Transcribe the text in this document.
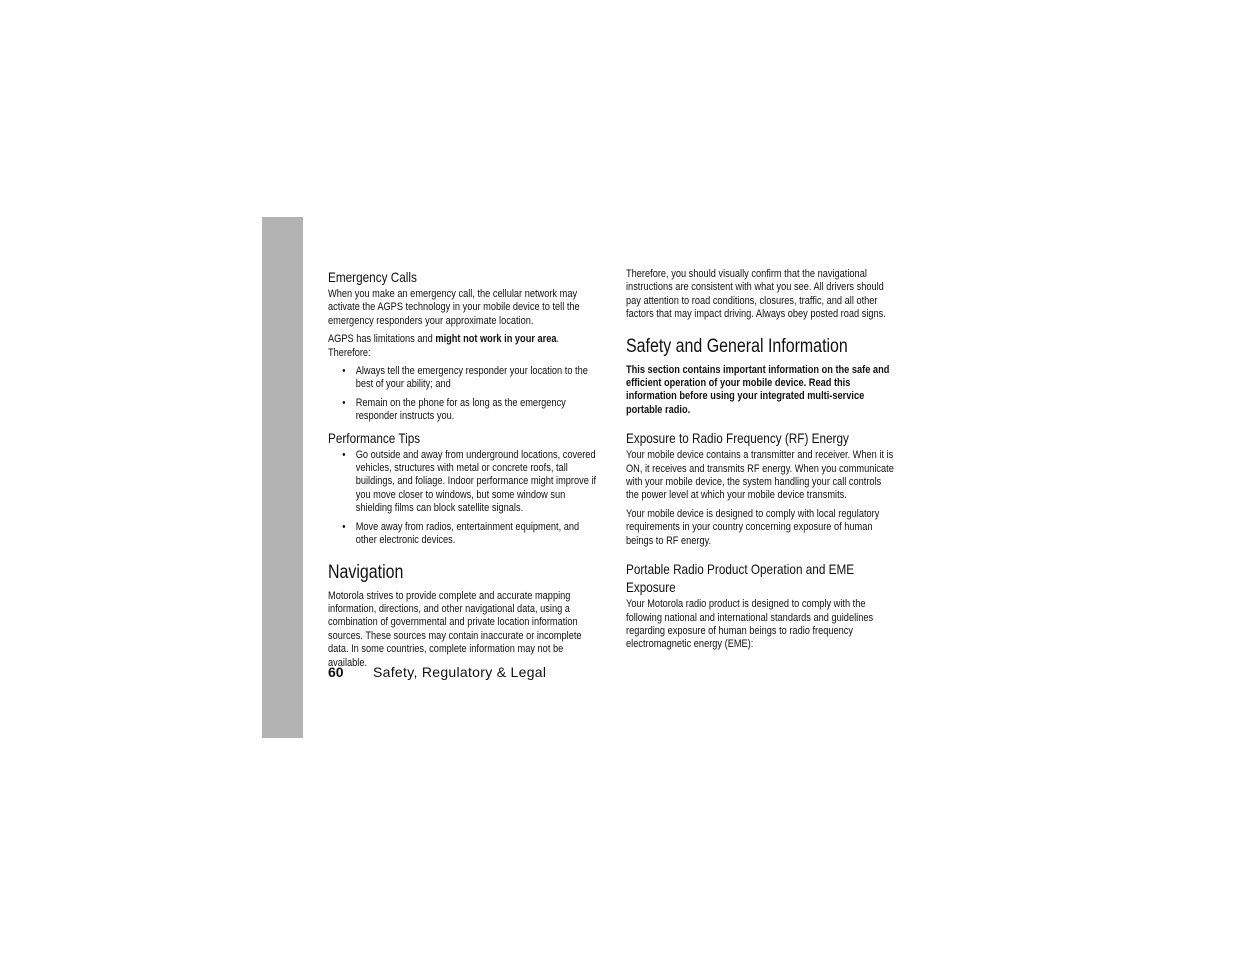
Emergency Calls

When you make an emergency call, the cellular network may activate the AGPS technology in your mobile device to tell the emergency responders your approximate location.

AGPS has limitations and might not work in your area. Therefore:

• Always tell the emergency responder your location to the best of your ability; and
• Remain on the phone for as long as the emergency responder instructs you.
Performance Tips
• Go outside and away from underground locations, covered vehicles, structures with metal or concrete roofs, tall buildings, and foliage. Indoor performance might improve if you move closer to windows, but some window sun shielding films can block satellite signals.
• Move away from radios, entertainment equipment, and other electronic devices.
Navigation

Motorola strives to provide complete and accurate mapping information, directions, and other navigational data, using a combination of governmental and private location information sources. These sources may contain inaccurate or incomplete data. In some countries, complete information may not be available.

Therefore, you should visually confirm that the navigational instructions are consistent with what you see. All drivers should pay attention to road conditions, closures, traffic, and all other factors that may impact driving. Always obey posted road signs.

Safety and General Information

This section contains important information on the safe and efficient operation of your mobile device. Read this information before using your integrated multi-service portable radio.

Exposure to Radio Frequency (RF) Energy

Your mobile device contains a transmitter and receiver. When it is ON, it receives and transmits RF energy. When you communicate with your mobile device, the system handling your call controls the power level at which your mobile device transmits.

Your mobile device is designed to comply with local regulatory requirements in your country concerning exposure of human beings to RF energy.

Portable Radio Product Operation and EME Exposure

Your Motorola radio product is designed to comply with the following national and international standards and guidelines regarding exposure of human beings to radio frequency electromagnetic energy (EME):

60 Safety, Regulatory & Legal
